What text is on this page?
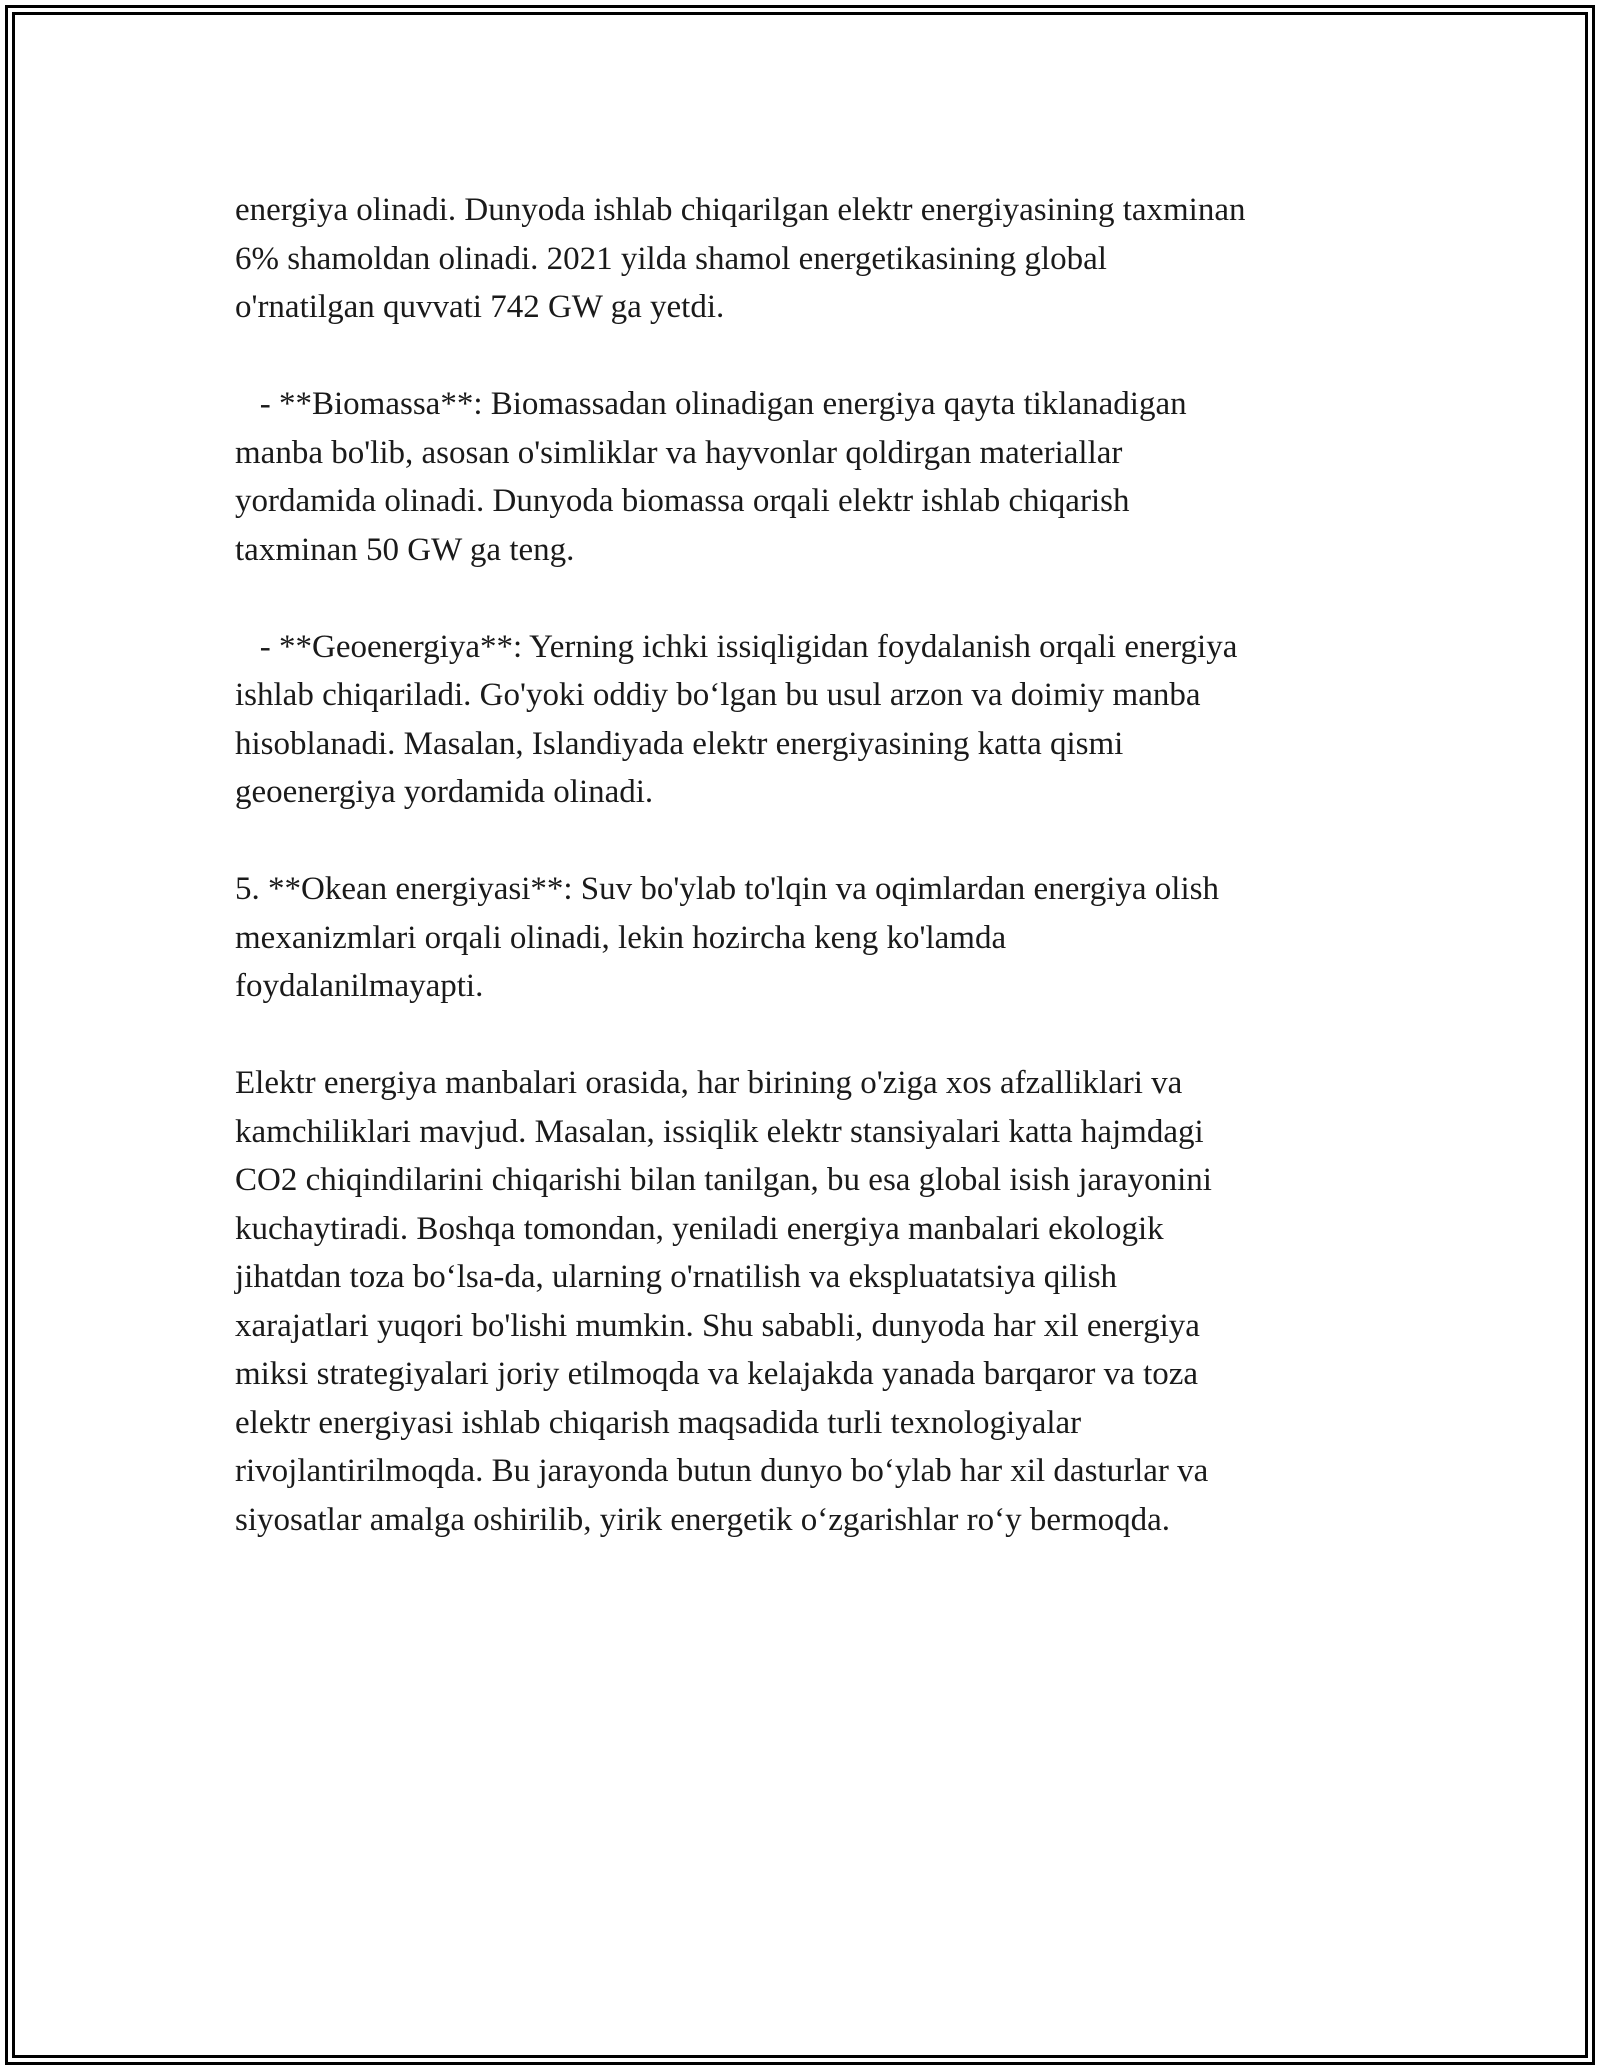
energiya olinadi. Dunyoda ishlab chiqarilgan elektr energiyasining taxminan
6% shamoldan olinadi. 2021 yilda shamol energetikasining global
o'rnatilgan quvvati 742 GW ga yetdi.

- **Biomassa**: Biomassadan olinadigan energiya qayta tiklanadigan
manba bo'lib, asosan o'simliklar va hayvonlar qoldirgan materiallar
yordamida olinadi. Dunyoda biomassa orqali elektr ishlab chiqarish
taxminan 50 GW ga teng.

- **Geoenergiya**: Yerning ichki issiqligidan foydalanish orqali energiya
ishlab chiqariladi. Go'yoki oddiy bo‘lgan bu usul arzon va doimiy manba
hisoblanadi. Masalan, Islandiyada elektr energiyasining katta qismi
geoenergiya yordamida olinadi.

5. **Okean energiyasi**: Suv bo'ylab to'lqin va oqimlardan energiya olish
mexanizmlari orqali olinadi, lekin hozircha keng ko'lamda
foydalanilmayapti.

Elektr energiya manbalari orasida, har birining o'ziga xos afzalliklari va
kamchiliklari mavjud. Masalan, issiqlik elektr stansiyalari katta hajmdagi
CO2 chiqindilarini chiqarishi bilan tanilgan, bu esa global isish jarayonini
kuchaytiradi. Boshqa tomondan, yeniladi energiya manbalari ekologik
jihatdan toza bo‘lsa-da, ularning o'rnatilish va ekspluatatsiya qilish
xarajatlari yuqori bo'lishi mumkin. Shu sababli, dunyoda har xil energiya
miksi strategiyalari joriy etilmoqda va kelajakda yanada barqaror va toza
elektr energiyasi ishlab chiqarish maqsadida turli texnologiyalar
rivojlantirilmoqda. Bu jarayonda butun dunyo bo‘ylab har xil dasturlar va
siyosatlar amalga oshirilib, yirik energetik o‘zgarishlar ro‘y bermoqda.
